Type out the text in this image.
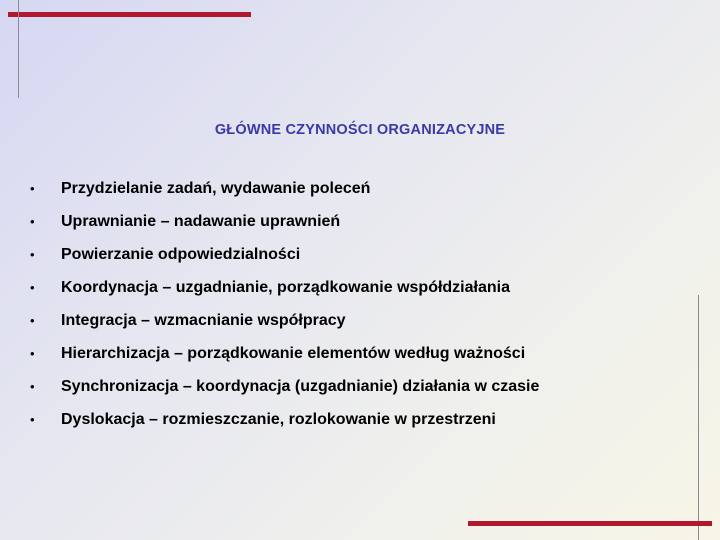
GŁÓWNE CZYNNOŚCI ORGANIZACYJNE
•	Przydzielanie zadań, wydawanie poleceń
•	Uprawnianie – nadawanie uprawnień
•	Powierzanie odpowiedzialności
•	Koordynacja – uzgadnianie, porządkowanie współdziałania
•	Integracja – wzmacnianie współpracy
•	Hierarchizacja – porządkowanie elementów według ważności
•	Synchronizacja – koordynacja (uzgadnianie) działania w czasie
•	Dyslokacja – rozmieszczanie, rozlokowanie w przestrzeni
